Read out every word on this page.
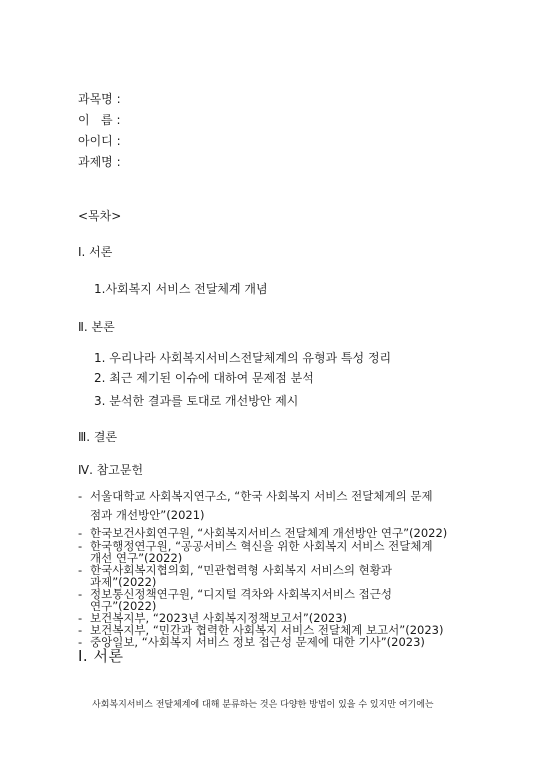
과목명 :
이   름 :
아이디 :
과제명 :
<목차>
Ⅰ. 서론
1.사회복지 서비스 전달체계 개념
Ⅱ. 본론
1. 우리나라 사회복지서비스전달체계의 유형과 특성 정리
2. 최근 제기된 이슈에 대하여 문제점 분석
3. 분석한 결과를 토대로 개선방안 제시
Ⅲ. 결론
Ⅳ. 참고문헌
- 서울대학교 사회복지연구소, “한국 사회복지 서비스 전달체계의 문제
점과 개선방안”(2021)
- 한국보건사회연구원, “사회복지서비스 전달체계 개선방안 연구”(2022)
- 한국행정연구원, “공공서비스 혁신을 위한 사회복지 서비스 전달체계
개선 연구”(2022)
- 한국사회복지협의회, “민관협력형 사회복지 서비스의 현황과
과제”(2022)
- 정보통신정책연구원, “디지털 격차와 사회복지서비스 접근성
연구”(2022)
- 보건복지부, “2023년 사회복지정책보고서”(2023)
- 보건복지부, “민간과 협력한 사회복지 서비스 전달체계 보고서”(2023)
- 중앙일보, “사회복지 서비스 정보 접근성 문제에 대한 기사”(2023)
Ⅰ. 서론
사회복지서비스 전달체계에 대해 분류하는 것은 다양한 방법이 있을 수 있지만 여기에는
